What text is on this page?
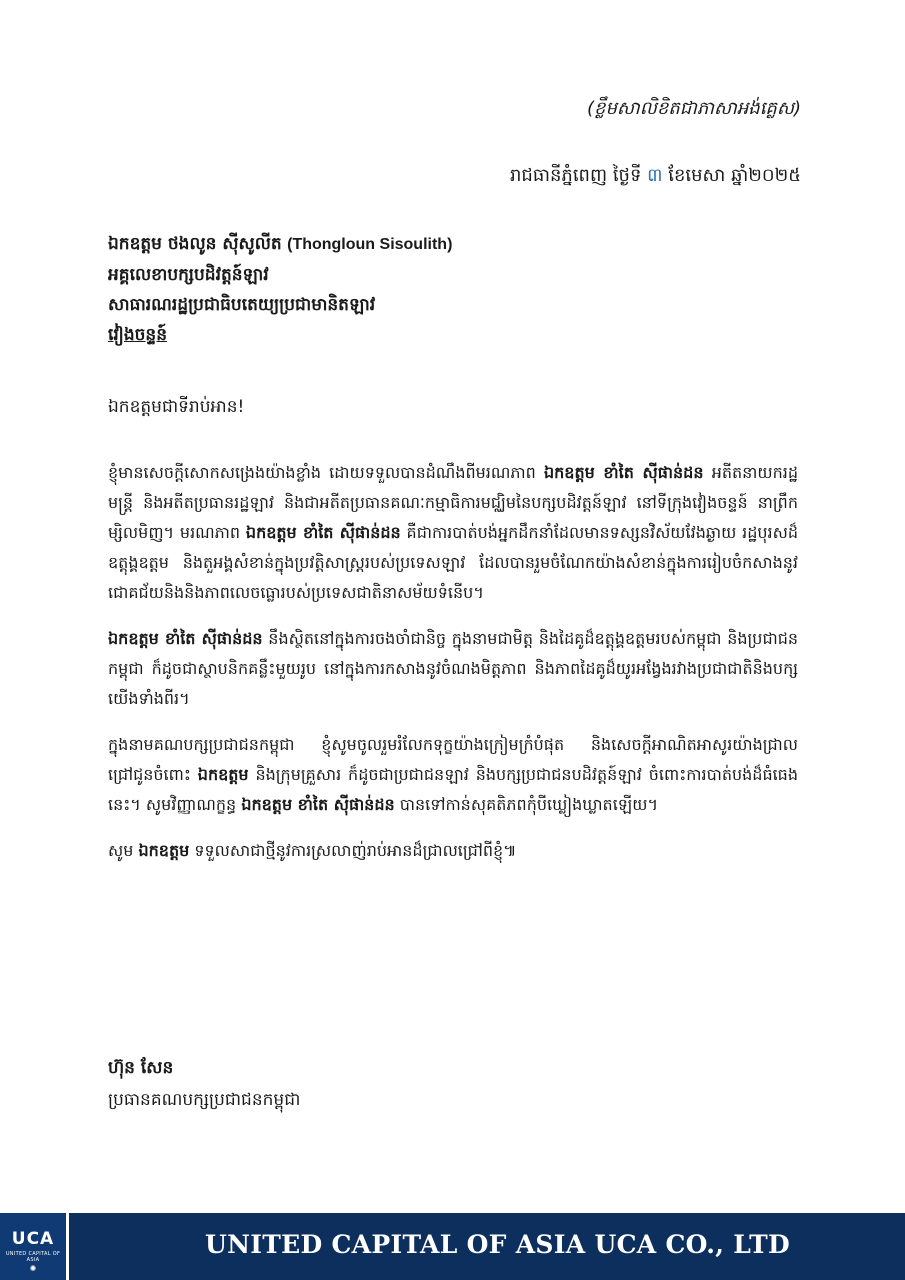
(ខ្លឹមសាលិខិតជាភាសាអង់គ្លេស)
រាជធានីភ្នំពេញ ថ្ងៃទី ៣ ខែមេសា ឆ្នាំ២០២៥
ឯកឧត្តម ថងលូន ស៊ីសូលីត (Thongloun Sisoulith)
អគ្គលេខាបក្សបដិវត្តន៍ឡាវ
សាធារណរដ្ឋប្រជាធិបតេយ្យប្រជាមានិតឡាវ
វៀងចន្ទន៍
ឯកឧត្តមជាទីរាប់អាន!

ខ្ញុំមានសេចក្តីសោកសង្រេងយ៉ាងខ្លាំង ដោយទទួលបានដំណឹងពីមរណភាព ឯកឧត្តម ខាំតៃ ស៊ីផាន់ដន អតីតនាយករដ្ឋមន្ត្រី និងអតីតប្រធានរដ្ឋឡាវ និងជាអតីតប្រធានគណៈកម្មាធិការមជ្ឈិមនៃបក្សបដិវត្តន៍ឡាវ នៅទីក្រុងវៀងចន្ទន៍ នាព្រឹកម្សិលមិញ។ មរណភាព ឯកឧត្តម ខាំតៃ ស៊ីផាន់ដន គឺជាការបាត់បង់អ្នកដឹកនាំដែលមានទស្សនវិស័យវែងឆ្ងាយ រដ្ឋបុរសដ៏ឧត្តុង្គឧត្តម និងតួអង្គសំខាន់ក្នុងប្រវត្តិសាស្ត្ររបស់ប្រទេសឡាវ ដែលបានរួមចំណែកយ៉ាងសំខាន់ក្នុងការរៀបចំកសាងនូវជោគជ័យនិងនិងភាពលេចធ្លោរបស់ប្រទេសជាតិនាសម័យទំនើប។

ឯកឧត្តម ខាំតៃ ស៊ីផាន់ដន នឹងស្ថិតនៅក្នុងការចងចាំជានិច្ច ក្នុងនាមជាមិត្ត និងដៃគូដ៏ឧត្តុង្គឧត្តមរបស់កម្ពុជា និងប្រជាជនកម្ពុជា ក៏ដូចជាស្ថាបនិកគន្លឹះមួយរូប នៅក្នុងការកសាងនូវចំណងមិត្តភាព និងភាពដៃគូដ៏យូរអង្វែងរវាងប្រជាជាតិនិងបក្សយើងទាំងពីរ។

ក្នុងនាមគណបក្សប្រជាជនកម្ពុជា ខ្ញុំសូមចូលរួមរំលែកទុក្ខយ៉ាងក្រៀមក្រំបំផុត និងសេចក្តីអាណិតអាសូរយ៉ាងជ្រាលជ្រៅជូនចំពោះ ឯកឧត្តម និងក្រុមគ្រួសារ ក៏ដូចជាប្រជាជនឡាវ និងបក្សប្រជាជនបដិវត្តន៍ឡាវ ចំពោះការបាត់បង់ដ៏ធំធេងនេះ។ សូមវិញ្ញាណក្ខន្ធ ឯកឧត្តម ខាំតៃ ស៊ីផាន់ដន បានទៅកាន់សុគតិភពកុំបីឃ្លៀងឃ្លាតឡើយ។

សូម ឯកឧត្តម ទទួលសាជាថ្មីនូវការស្រលាញ់រាប់អានដ៏ជ្រាលជ្រៅពីខ្ញុំ៕

ហ៊ុន សែន
ប្រធានគណបក្សប្រជាជនកម្ពុជា
UCA
UNITED CAPITAL OF ASIA
✺
UNITED CAPITAL OF ASIA UCA CO., LTD
